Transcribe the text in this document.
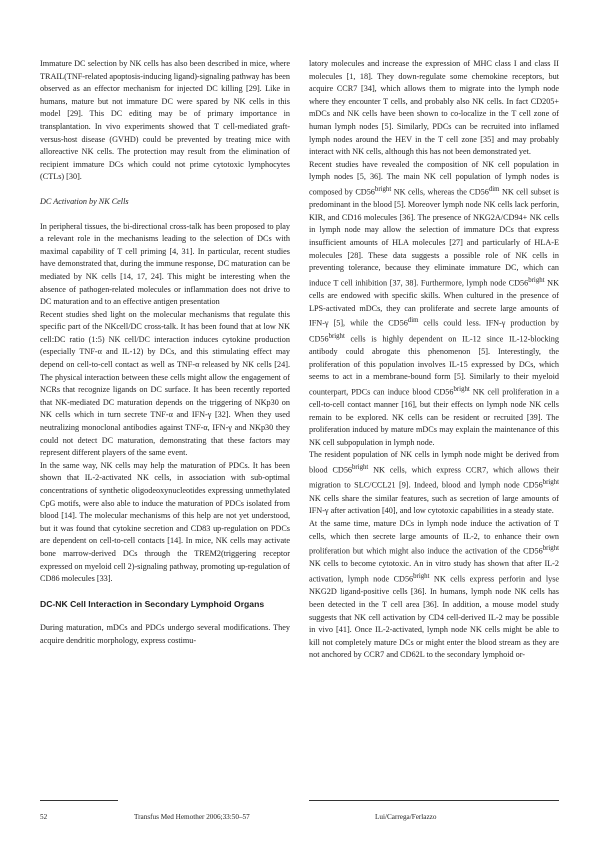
Immature DC selection by NK cells has also been described in mice, where TRAIL(TNF-related apoptosis-inducing ligand)-signaling pathway has been observed as an effector mechanism for injected DC killing [29]. Like in humans, mature but not immature DC were spared by NK cells in this model [29]. This DC editing may be of primary importance in transplantation. In vivo experiments showed that T cell-mediated graft-versus-host disease (GVHD) could be prevented by treating mice with alloreactive NK cells. The protection may result from the elimination of recipient immature DCs which could not prime cytotoxic lymphocytes (CTLs) [30].

DC Activation by NK Cells

In peripheral tissues, the bi-directional cross-talk has been proposed to play a relevant role in the mechanisms leading to the selection of DCs with maximal capability of T cell priming [4, 31]. In particular, recent studies have demonstrated that, during the immune response, DC maturation can be mediated by NK cells [14, 17, 24]. This might be interesting when the absence of pathogen-related molecules or inflammation does not drive to DC maturation and to an effective antigen presentation

Recent studies shed light on the molecular mechanisms that regulate this specific part of the NKcell/DC cross-talk. It has been found that at low NK cell:DC ratio (1:5) NK cell/DC interaction induces cytokine production (especially TNF-α and IL-12) by DCs, and this stimulating effect may depend on cell-to-cell contact as well as TNF-α released by NK cells [24]. The physical interaction between these cells might allow the engagement of NCRs that recognize ligands on DC surface. It has been recently reported that NK-mediated DC maturation depends on the triggering of NKp30 on NK cells which in turn secrete TNF-α and IFN-γ [32]. When they used neutralizing monoclonal antibodies against TNF-α, IFN-γ and NKp30 they could not detect DC maturation, demonstrating that these factors may represent different players of the same event.

In the same way, NK cells may help the maturation of PDCs. It has been shown that IL-2-activated NK cells, in association with sub-optimal concentrations of synthetic oligodeoxynucleotides expressing unmethylated CpG motifs, were also able to induce the maturation of PDCs isolated from blood [14]. The molecular mechanisms of this help are not yet understood, but it was found that cytokine secretion and CD83 up-regulation on PDCs are dependent on cell-to-cell contacts [14]. In mice, NK cells may activate bone marrow-derived DCs through the TREM2(triggering receptor expressed on myeloid cell 2)-signaling pathway, promoting up-regulation of CD86 molecules [33].

DC-NK Cell Interaction in Secondary Lymphoid Organs

During maturation, mDCs and PDCs undergo several modifications. They acquire dendritic morphology, express costimu-

latory molecules and increase the expression of MHC class I and class II molecules [1, 18]. They down-regulate some chemokine receptors, but acquire CCR7 [34], which allows them to migrate into the lymph node where they encounter T cells, and probably also NK cells. In fact CD205+ mDCs and NK cells have been shown to co-localize in the T cell zone of human lymph nodes [5]. Similarly, PDCs can be recruited into inflamed lymph nodes around the HEV in the T cell zone [35] and may probably interact with NK cells, although this has not been demonstrated yet.

Recent studies have revealed the composition of NK cell population in lymph nodes [5, 36]. The main NK cell population of lymph nodes is composed by $CD56^{bright}$ NK cells, whereas the $CD56^{dim}$ NK cell subset is predominant in the blood [5]. Moreover lymph node NK cells lack perforin, KIR, and CD16 molecules [36]. The presence of NKG2A/CD94+ NK cells in lymph node may allow the selection of immature DCs that express insufficient amounts of HLA molecules [27] and particularly of HLA-E molecules [28]. These data suggests a possible role of NK cells in preventing tolerance, because they eliminate immature DC, which can induce T cell inhibition [37, 38]. Furthermore, lymph node $CD56^{bright}$ NK cells are endowed with specific skills. When cultured in the presence of LPS-activated mDCs, they can proliferate and secrete large amounts of IFN-γ [5], while the $CD56^{dim}$ cells could less. IFN-γ production by $CD56^{bright}$ cells is highly dependent on IL-12 since IL-12-blocking antibody could abrogate this phenomenon [5]. Interestingly, the proliferation of this population involves IL-15 expressed by DCs, which seems to act in a membrane-bound form [5]. Similarly to their myeloid counterpart, PDCs can induce blood $CD56^{bright}$ NK cell proliferation in a cell-to-cell contact manner [16], but their effects on lymph node NK cells remain to be explored. NK cells can be resident or recruited [39]. The proliferation induced by mature mDCs may explain the maintenance of this NK cell subpopulation in lymph node.

The resident population of NK cells in lymph node might be derived from blood $CD56^{bright}$ NK cells, which express CCR7, which allows their migration to SLC/CCL21 [9]. Indeed, blood and lymph node $CD56^{bright}$ NK cells share the similar features, such as secretion of large amounts of IFN-γ after activation [40], and low cytotoxic capabilities in a steady state.

At the same time, mature DCs in lymph node induce the activation of T cells, which then secrete large amounts of IL-2, to enhance their own proliferation but which might also induce the activation of the $CD56^{bright}$ NK cells to become cytotoxic. An in vitro study has shown that after IL-2 activation, lymph node $CD56^{bright}$ NK cells express perforin and lyse NKG2D ligand-positive cells [36]. In humans, lymph node NK cells has been detected in the T cell area [36]. In addition, a mouse model study suggests that NK cell activation by CD4 cell-derived IL-2 may be possible in vivo [41]. Once IL-2-activated, lymph node NK cells might be able to kill not completely mature DCs or might enter the blood stream as they are not anchored by CCR7 and CD62L to the secondary lymphoid or-

52	Transfus Med Hemother 2006;33:50–57	Lui/Carrega/Ferlazzo
